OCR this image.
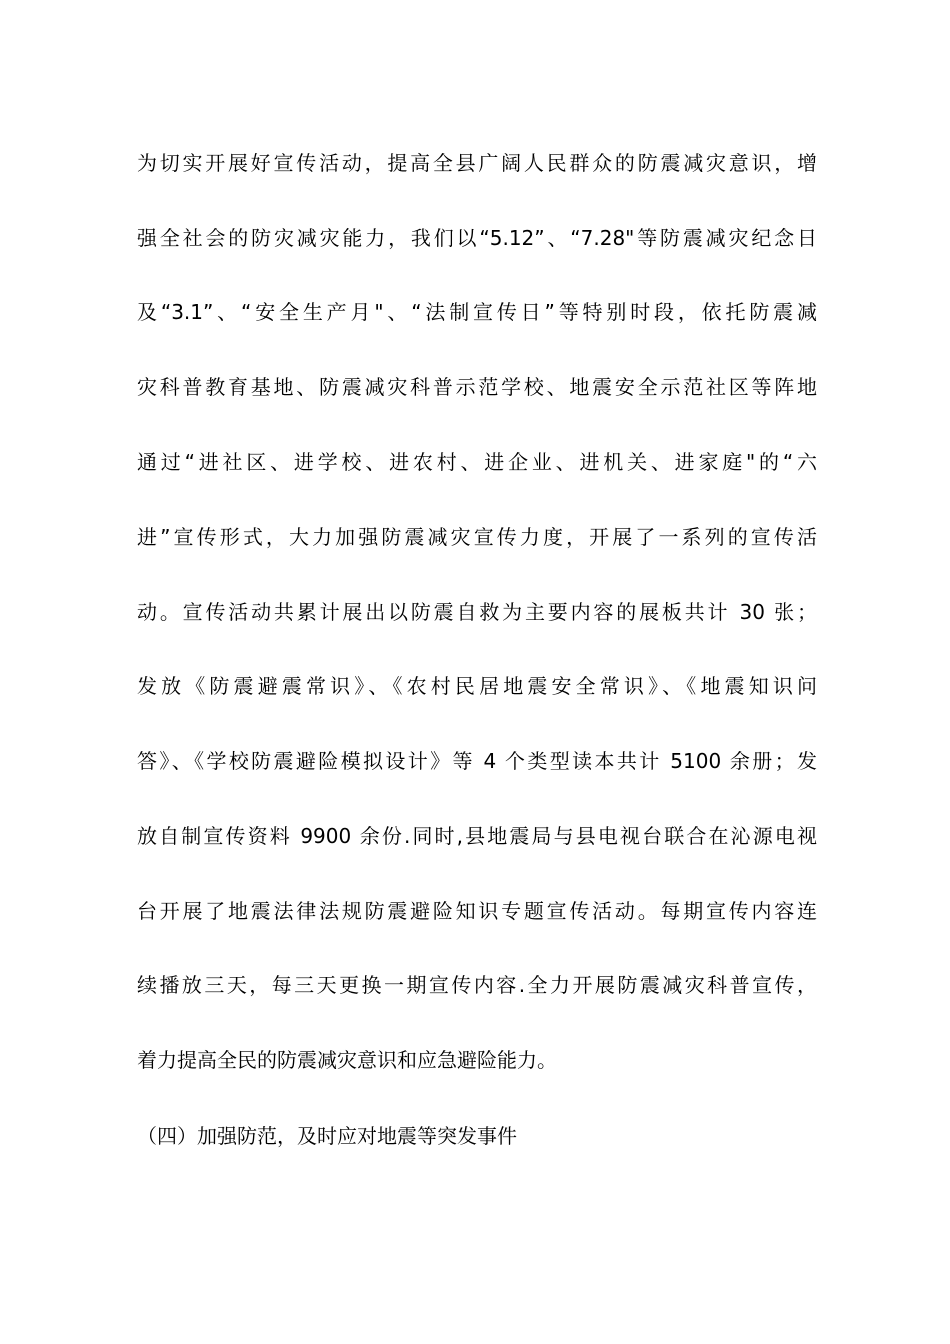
为切实开展好宣传活动，提高全县广阔人民群众的防震减灾意识，增
强全社会的防灾减灾能力，我们以“5.12”、“7.28"等防震减灾纪念日
及“3.1”、“安全生产月"、“法制宣传日”等特别时段，依托防震减
灾科普教育基地、防震减灾科普示范学校、地震安全示范社区等阵地
通过“进社区、进学校、进农村、进企业、进机关、进家庭"的“六
进”宣传形式，大力加强防震减灾宣传力度，开展了一系列的宣传活
动。宣传活动共累计展出以防震自救为主要内容的展板共计 30 张；
发放《防震避震常识》、《农村民居地震安全常识》、《地震知识问
答》、《学校防震避险模拟设计》等 4 个类型读本共计 5100 余册；发
放自制宣传资料 9900 余份.同时,县地震局与县电视台联合在沁源电视
台开展了地震法律法规防震避险知识专题宣传活动。每期宣传内容连
续播放三天，每三天更换一期宣传内容.全力开展防震减灾科普宣传，
着力提高全民的防震减灾意识和应急避险能力。
（四）加强防范，及时应对地震等突发事件
